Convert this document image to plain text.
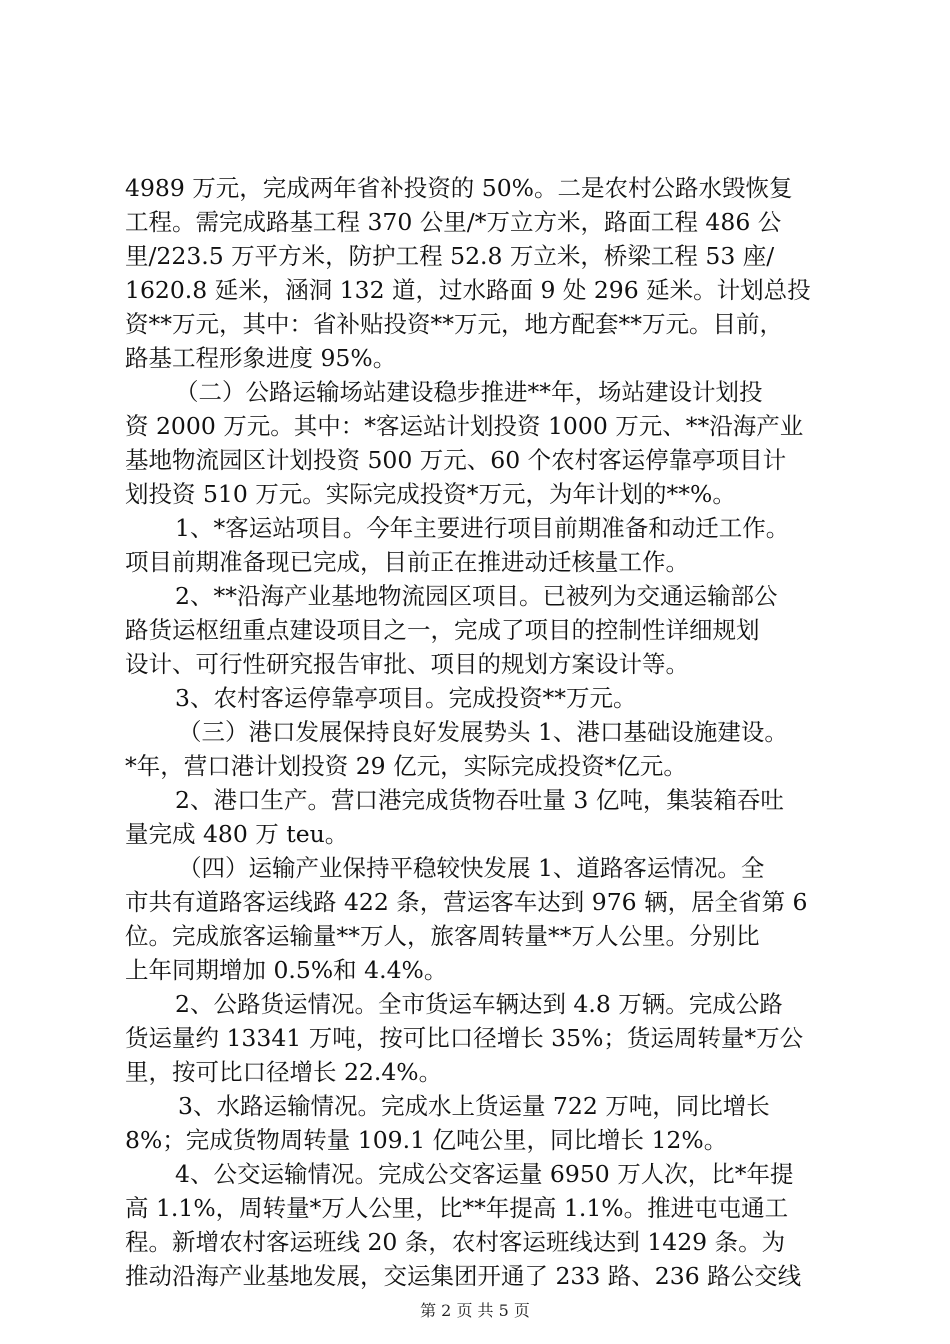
4989 万元，完成两年省补投资的 50%。二是农村公路水毁恢复
工程。需完成路基工程 370 公里/*万立方米，路面工程 486 公
里/223.5 万平方米，防护工程 52.8 万立米，桥梁工程 53 座/
1620.8 延米，涵洞 132 道，过水路面 9 处 296 延米。计划总投
资**万元，其中：省补贴投资**万元，地方配套**万元。目前，
路基工程形象进度 95%。
（二）公路运输场站建设稳步推进**年，场站建设计划投
资 2000 万元。其中：*客运站计划投资 1000 万元、**沿海产业
基地物流园区计划投资 500 万元、60 个农村客运停靠亭项目计
划投资 510 万元。实际完成投资*万元，为年计划的**%。
1、*客运站项目。今年主要进行项目前期准备和动迁工作。
项目前期准备现已完成，目前正在推进动迁核量工作。
2、**沿海产业基地物流园区项目。已被列为交通运输部公
路货运枢纽重点建设项目之一，完成了项目的控制性详细规划
设计、可行性研究报告审批、项目的规划方案设计等。
3、农村客运停靠亭项目。完成投资**万元。
（三）港口发展保持良好发展势头 1、港口基础设施建设。
*年，营口港计划投资 29 亿元，实际完成投资*亿元。
2、港口生产。营口港完成货物吞吐量 3 亿吨，集装箱吞吐
量完成 480 万 teu。
（四）运输产业保持平稳较快发展 1、道路客运情况。全
市共有道路客运线路 422 条，营运客车达到 976 辆，居全省第 6
位。完成旅客运输量**万人，旅客周转量**万人公里。分别比
上年同期增加 0.5%和 4.4%。
2、公路货运情况。全市货运车辆达到 4.8 万辆。完成公路
货运量约 13341 万吨，按可比口径增长 35%；货运周转量*万公
里，按可比口径增长 22.4%。
3、水路运输情况。完成水上货运量 722 万吨，同比增长
8%；完成货物周转量 109.1 亿吨公里，同比增长 12%。
4、公交运输情况。完成公交客运量 6950 万人次，比*年提
高 1.1%，周转量*万人公里，比**年提高 1.1%。推进屯屯通工
程。新增农村客运班线 20 条，农村客运班线达到 1429 条。为
推动沿海产业基地发展，交运集团开通了 233 路、236 路公交线
第 2 页 共 5 页
